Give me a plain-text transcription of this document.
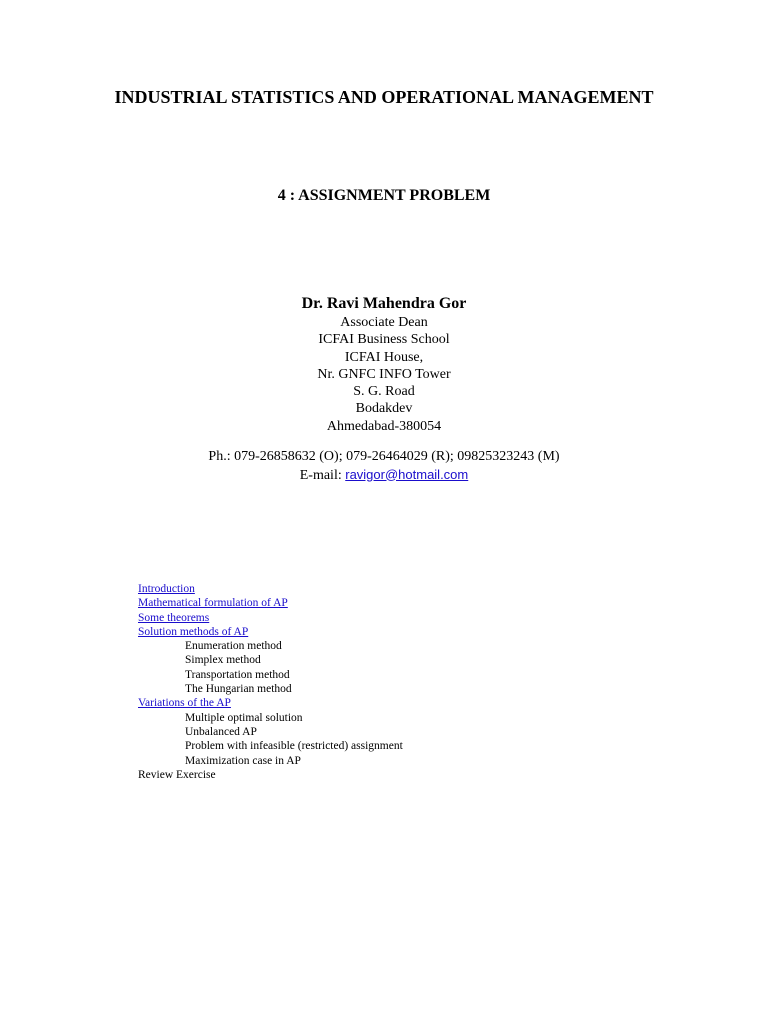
INDUSTRIAL STATISTICS AND OPERATIONAL MANAGEMENT
4 : ASSIGNMENT PROBLEM
Dr. Ravi Mahendra Gor
Associate Dean
ICFAI Business School
ICFAI House,
Nr. GNFC INFO Tower
S. G. Road
Bodakdev
Ahmedabad-380054
Ph.: 079-26858632 (O); 079-26464029 (R); 09825323243 (M)
E-mail: ravigor@hotmail.com
Introduction
Mathematical formulation of AP
Some theorems
Solution methods of AP
Enumeration method
Simplex method
Transportation method
The Hungarian method
Variations of the AP
Multiple optimal solution
Unbalanced AP
Problem with infeasible (restricted) assignment
Maximization case in AP
Review Exercise
